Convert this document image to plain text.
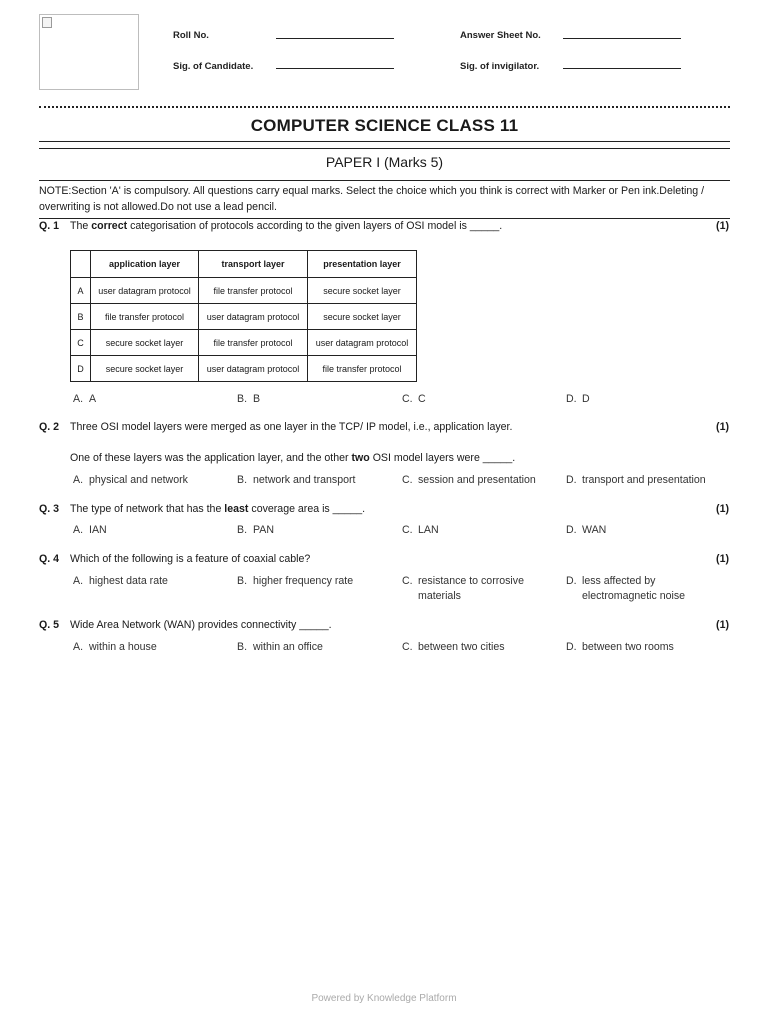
Roll No.	Answer Sheet No.
Sig. of Candidate.	Sig. of invigilator.
COMPUTER SCIENCE CLASS 11
PAPER I (Marks 5)
NOTE:Section 'A' is compulsory. All questions carry equal marks. Select the choice which you think is correct with Marker or Pen ink.Deleting / overwriting is not allowed.Do not use a lead pencil.
Q. 1 The correct categorisation of protocols according to the given layers of OSI model is _____.	(1)
	application layer	transport layer	presentation layer
A	user datagram protocol	file transfer protocol	secure socket layer
B	file transfer protocol	user datagram protocol	secure socket layer
C	secure socket layer	file transfer protocol	user datagram protocol
D	secure socket layer	user datagram protocol	file transfer protocol
A. A	B. B	C. C	D. D
Q. 2 Three OSI model layers were merged as one layer in the TCP/ IP model, i.e., application layer.	(1)
One of these layers was the application layer, and the other two OSI model layers were _____.
A. physical and network	B. network and transport	C. session and presentation	D. transport and presentation
Q. 3 The type of network that has the least coverage area is _____.	(1)
A. IAN	B. PAN	C. LAN	D. WAN
Q. 4 Which of the following is a feature of coaxial cable?	(1)
A. highest data rate	B. higher frequency rate	C. resistance to corrosive materials
D. less affected by electromagnetic noise
Q. 5 Wide Area Network (WAN) provides connectivity _____.	(1)
A. within a house	B. within an office	C. between two cities	D. between two rooms
Powered by Knowledge Platform
